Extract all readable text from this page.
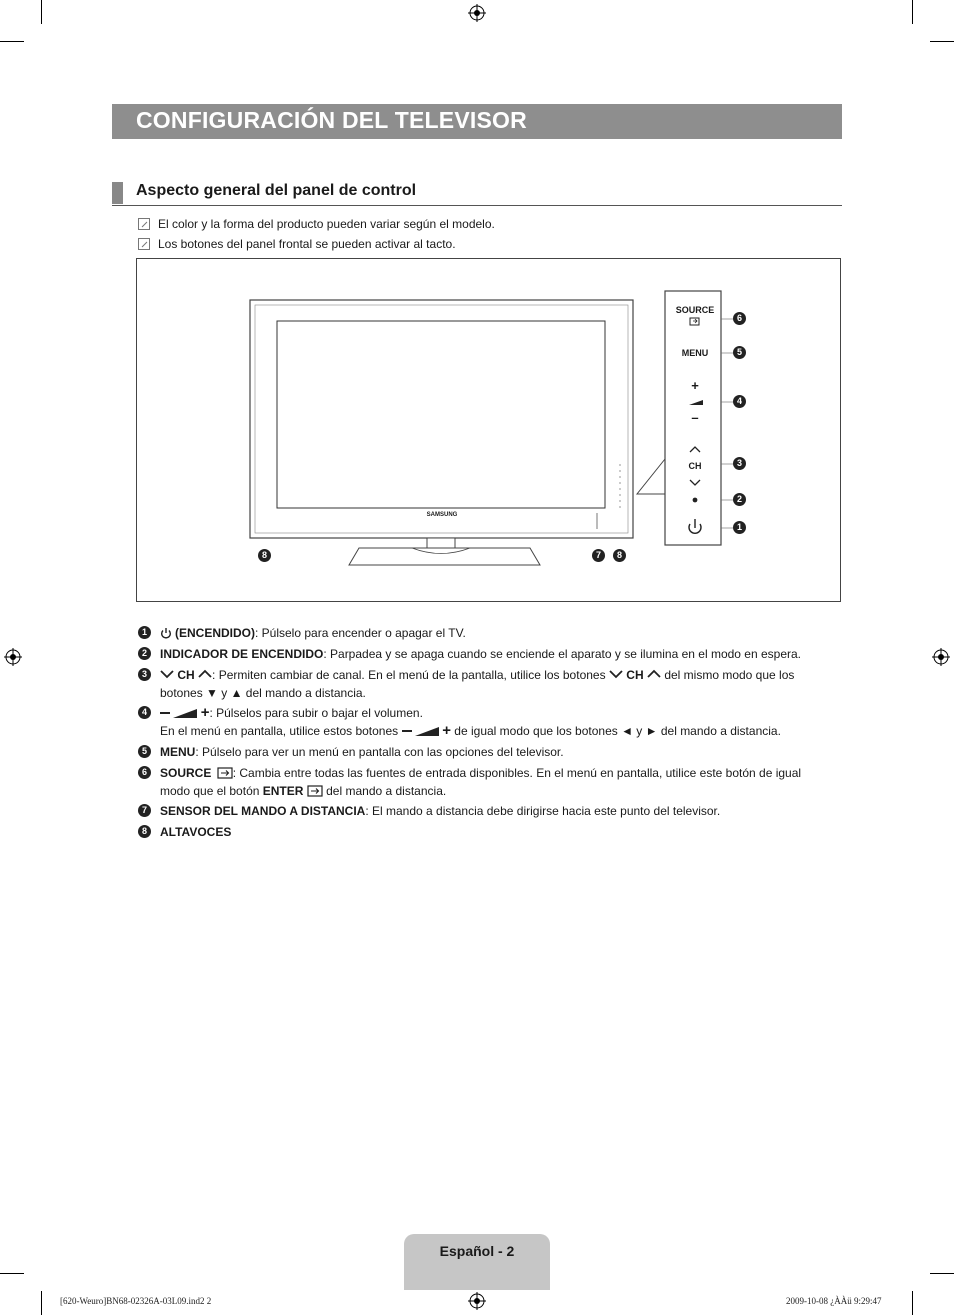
CONFIGURACIÓN DEL TELEVISOR
Aspecto general del panel de control
El color y la forma del producto pueden variar según el modelo.
Los botones del panel frontal se pueden activar al tacto.
SAMSUNG
SOURCE
MENU
+
–
CH
6
5
4
3
2
1
8	7	8
1	(ENCENDIDO): Púlselo para encender o apagar el TV.
2	INDICADOR DE ENCENDIDO: Parpadea y se apaga cuando se enciende el aparato y se ilumina en el modo en espera.
3	CH : Permiten cambiar de canal. En el menú de la pantalla, utilice los botones CH del mismo modo que los botones ▼ y ▲ del mando a distancia.
4	+: Púlselos para subir o bajar el volumen.
En el menú en pantalla, utilice estos botones	+ de igual modo que los botones ◄ y ► del mando a distancia.
5	MENU: Púlselo para ver un menú en pantalla con las opciones del televisor.
6	SOURCE : Cambia entre todas las fuentes de entrada disponibles. En el menú en pantalla, utilice este botón de igual
modo que el botón ENTER del mando a distancia.
7	SENSOR DEL MANDO A DISTANCIA: El mando a distancia debe dirigirse hacia este punto del televisor.
8	ALTAVOCES
Español - 2
[620-Weuro]BN68-02326A-03L09.ind2 2	2009-10-08 ¿ÀÀü 9:29:47
